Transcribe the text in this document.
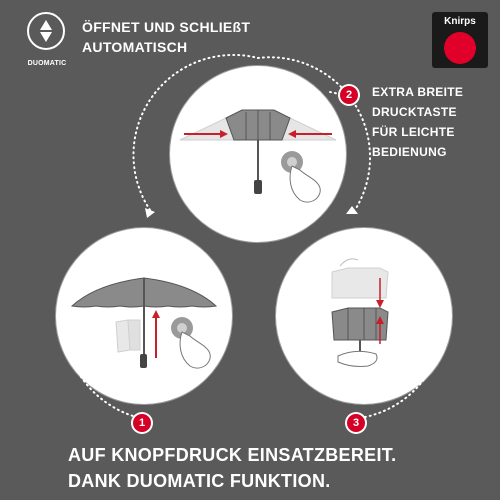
DUOMATIC
ÖFFNET UND SCHLIEßT
AUTOMATISCH
Knirps
1
2
3
EXTRA BREITE
DRUCKTASTE
FÜR LEICHTE
BEDIENUNG
AUF KNOPFDRUCK EINSATZBEREIT.
DANK DUOMATIC FUNKTION.
